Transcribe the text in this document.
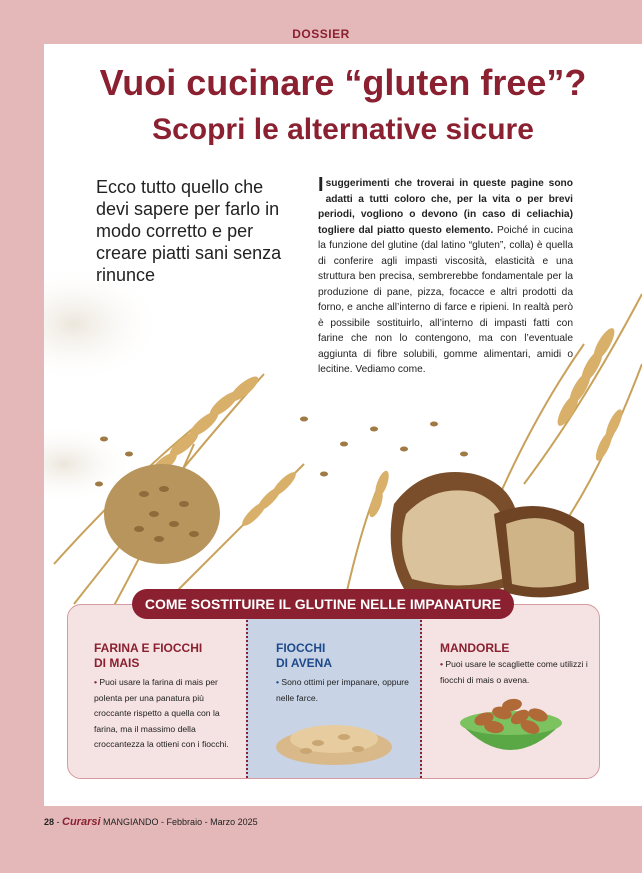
DOSSIER
Vuoi cucinare “gluten free”?
Scopri le alternative sicure

Ecco tutto quello che devi sapere per farlo in modo corretto e per creare piatti sani senza rinunce

I suggerimenti che troverai in queste pagine sono adatti a tutti coloro che, per la vita o per brevi periodi, vogliono o devono (in caso di celiachia) togliere dal piatto questo elemento. Poiché in cucina la funzione del glutine (dal latino “gluten”, colla) è quella di conferire agli impasti viscosità, elasticità e una struttura ben precisa, sembrerebbe fondamentale per la produzione di pane, pizza, focacce e altri prodotti da forno, e anche all’interno di farce e ripieni. In realtà però è possibile sostituirlo, all’interno di impasti fatti con farine che non lo contengono, ma con l’eventuale aggiunta di fibre solubili, gomme alimentari, amidi o lecitine. Vediamo come.

COME SOSTITUIRE IL GLUTINE NELLE IMPANATURE

FARINA E FIOCCHI
DI MAIS

• Puoi usare la farina di mais per polenta per una panatura più croccante rispetto a quella con la farina, ma il massimo della croccantezza la ottieni con i fiocchi.

FIOCCHI
DI AVENA

• Sono ottimi per impanare, oppure nelle farce.

MANDORLE

• Puoi usare le scagliette come utilizzi i fiocchi di mais o avena.

28 - Curarsi MANGIANDO - Febbraio - Marzo 2025
